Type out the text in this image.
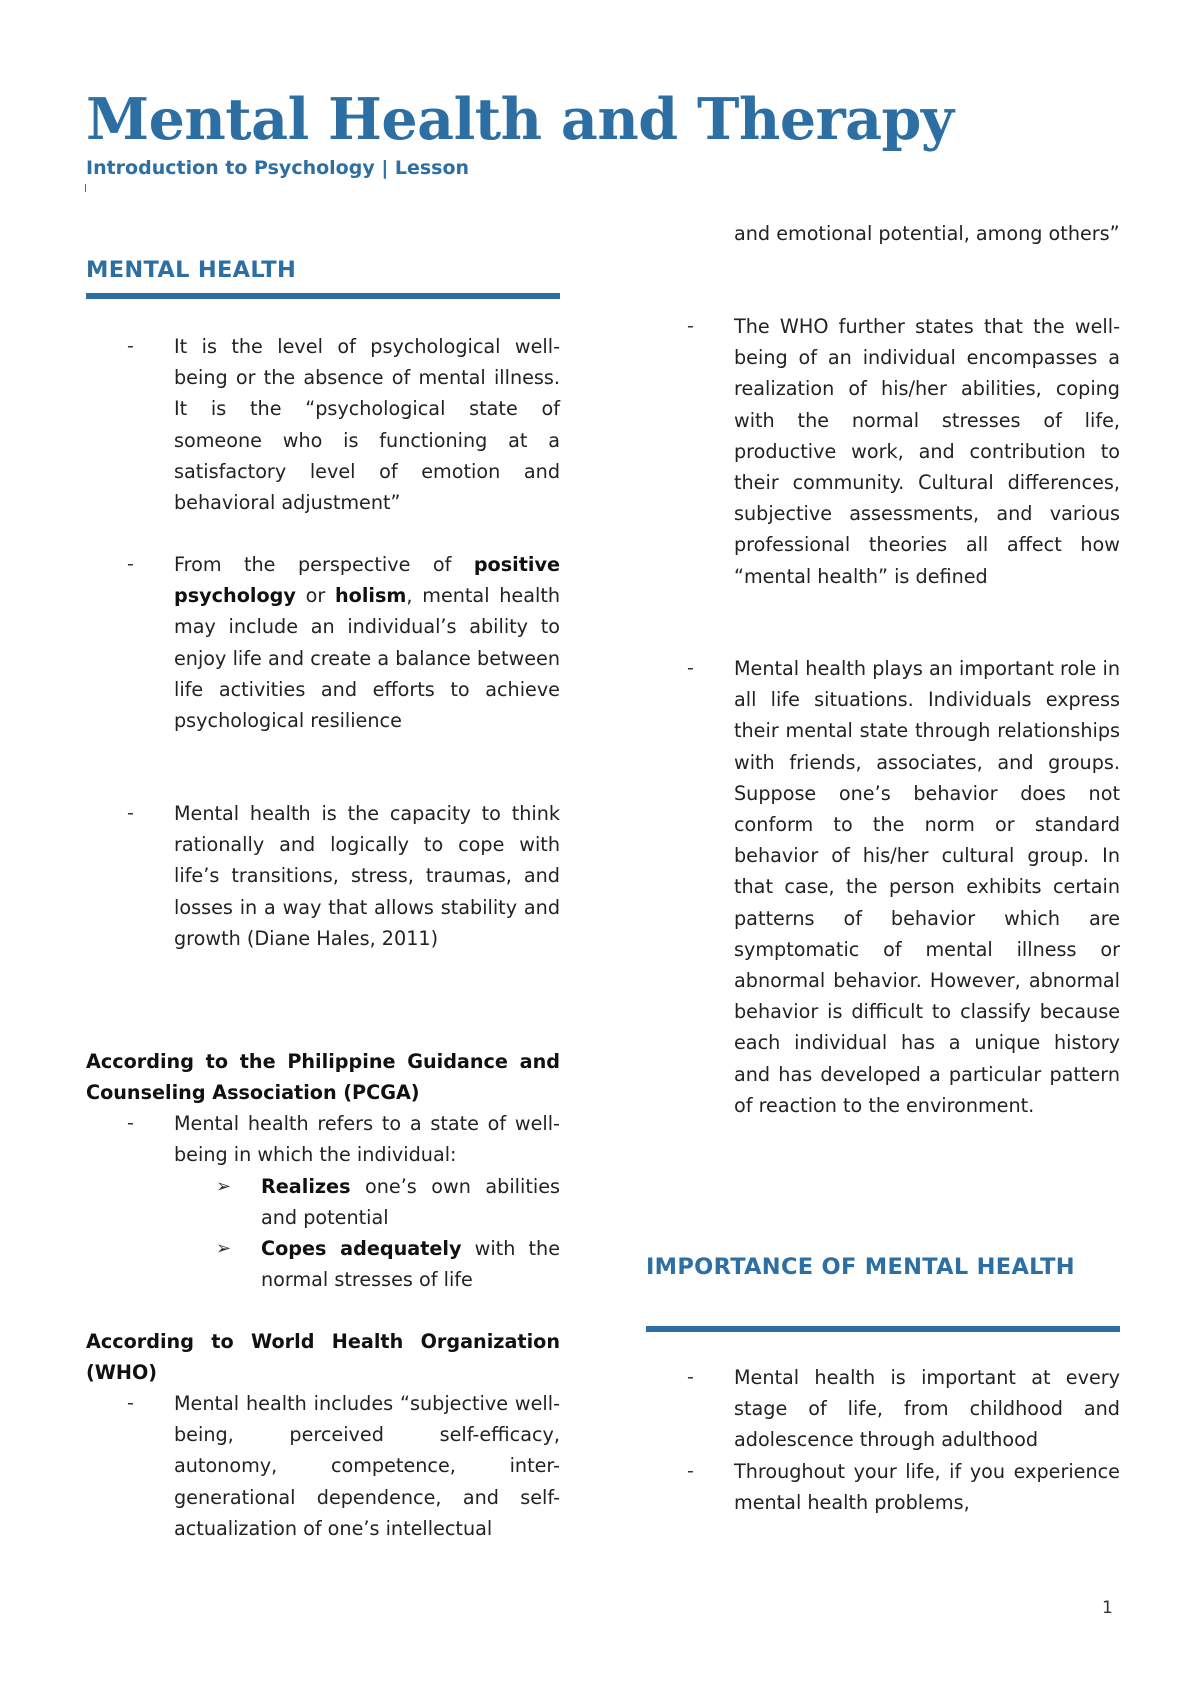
Mental Health and Therapy
Introduction to Psychology | Lesson
MENTAL HEALTH
- It is the level of psychological well-being or the absence of mental illness. It is the “psychological state of someone who is functioning at a satisfactory level of emotion and behavioral adjustment”
- From the perspective of positive psychology or holism, mental health may include an individual’s ability to enjoy life and create a balance between life activities and efforts to achieve psychological resilience
- Mental health is the capacity to think rationally and logically to cope with life’s transitions, stress, traumas, and losses in a way that allows stability and growth (Diane Hales, 2011)
According to the Philippine Guidance and Counseling Association (PCGA)
- Mental health refers to a state of well-being in which the individual:
➢ Realizes one’s own abilities and potential
➢ Copes adequately with the normal stresses of life
According to World Health Organization (WHO)
- Mental health includes “subjective well-being, perceived self-efficacy, autonomy, competence, inter-generational dependence, and self-actualization of one’s intellectual
and emotional potential, among others”
- The WHO further states that the well-being of an individual encompasses a realization of his/her abilities, coping with the normal stresses of life, productive work, and contribution to their community. Cultural differences, subjective assessments, and various professional theories all affect how “mental health” is defined
- Mental health plays an important role in all life situations. Individuals express their mental state through relationships with friends, associates, and groups. Suppose one’s behavior does not conform to the norm or standard behavior of his/her cultural group. In that case, the person exhibits certain patterns of behavior which are symptomatic of mental illness or abnormal behavior. However, abnormal behavior is difficult to classify because each individual has a unique history and has developed a particular pattern of reaction to the environment.
IMPORTANCE OF MENTAL HEALTH
- Mental health is important at every stage of life, from childhood and adolescence through adulthood
- Throughout your life, if you experience mental health problems,
1
